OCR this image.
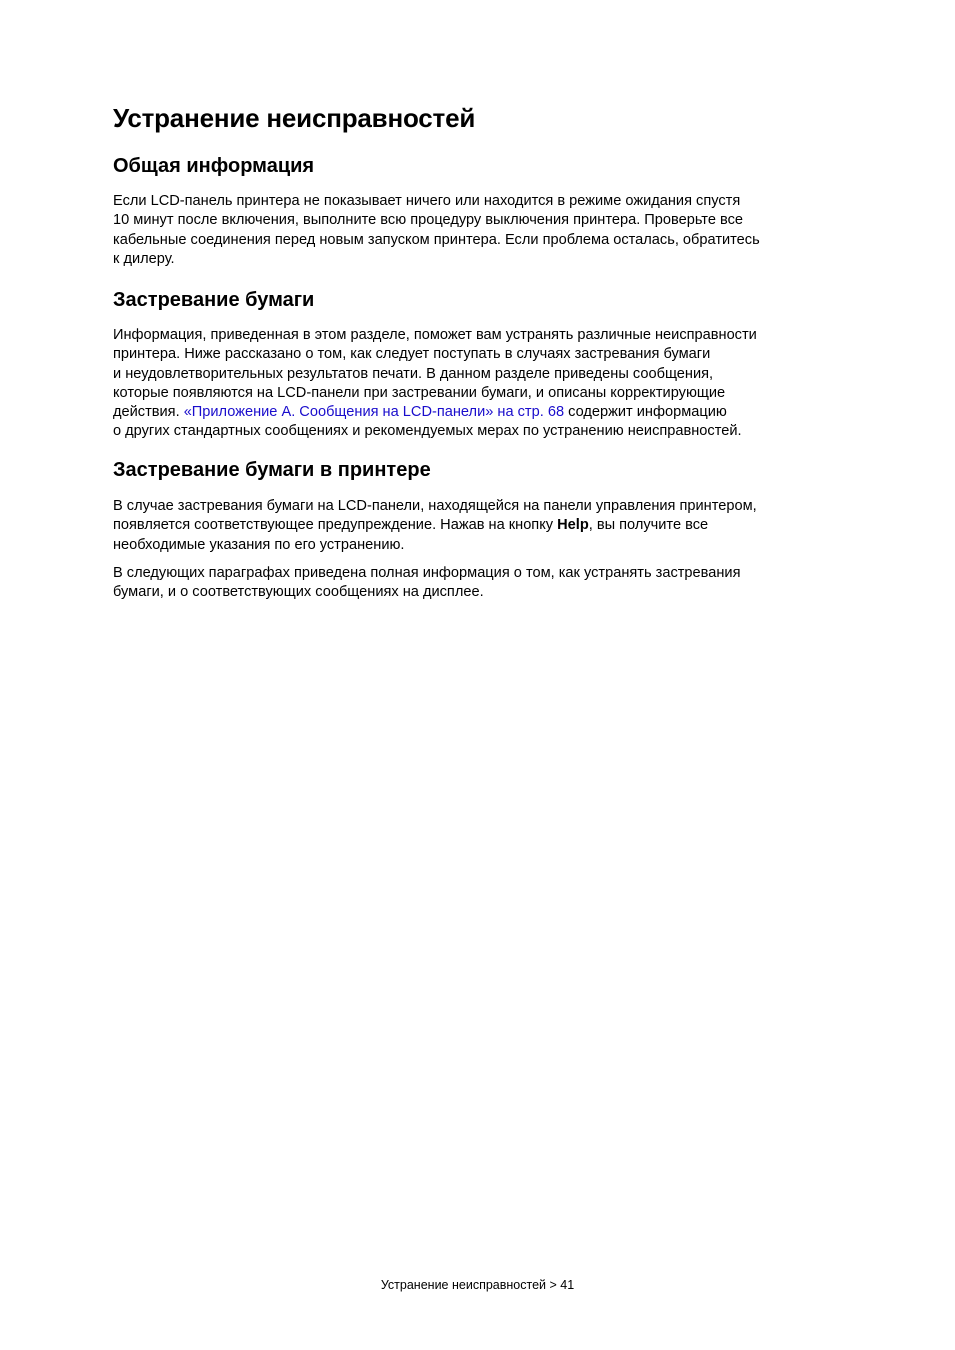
Устранение неисправностей
Общая информация

Если LCD-панель принтера не показывает ничего или находится в режиме ожидания спустя
10 минут после включения, выполните всю процедуру выключения принтера. Проверьте все
кабельные соединения перед новым запуском принтера. Если проблема осталась, обратитесь
к дилеру.

Застревание бумаги

Информация, приведенная в этом разделе, поможет вам устранять различные неисправности
принтера. Ниже рассказано о том, как следует поступать в случаях застревания бумаги
и неудовлетворительных результатов печати. В данном разделе приведены сообщения,
которые появляются на LCD-панели при застревании бумаги, и описаны корректирующие
действия. «Приложение A. Сообщения на LCD-панели» на стр. 68 содержит информацию
о других стандартных сообщениях и рекомендуемых мерах по устранению неисправностей.

Застревание бумаги в принтере

В случае застревания бумаги на LCD-панели, находящейся на панели управления принтером,
появляется соответствующее предупреждение. Нажав на кнопку Help, вы получите все
необходимые указания по его устранению.

В следующих параграфах приведена полная информация о том, как устранять застревания
бумаги, и о соответствующих сообщениях на дисплее.

Устранение неисправностей > 41
